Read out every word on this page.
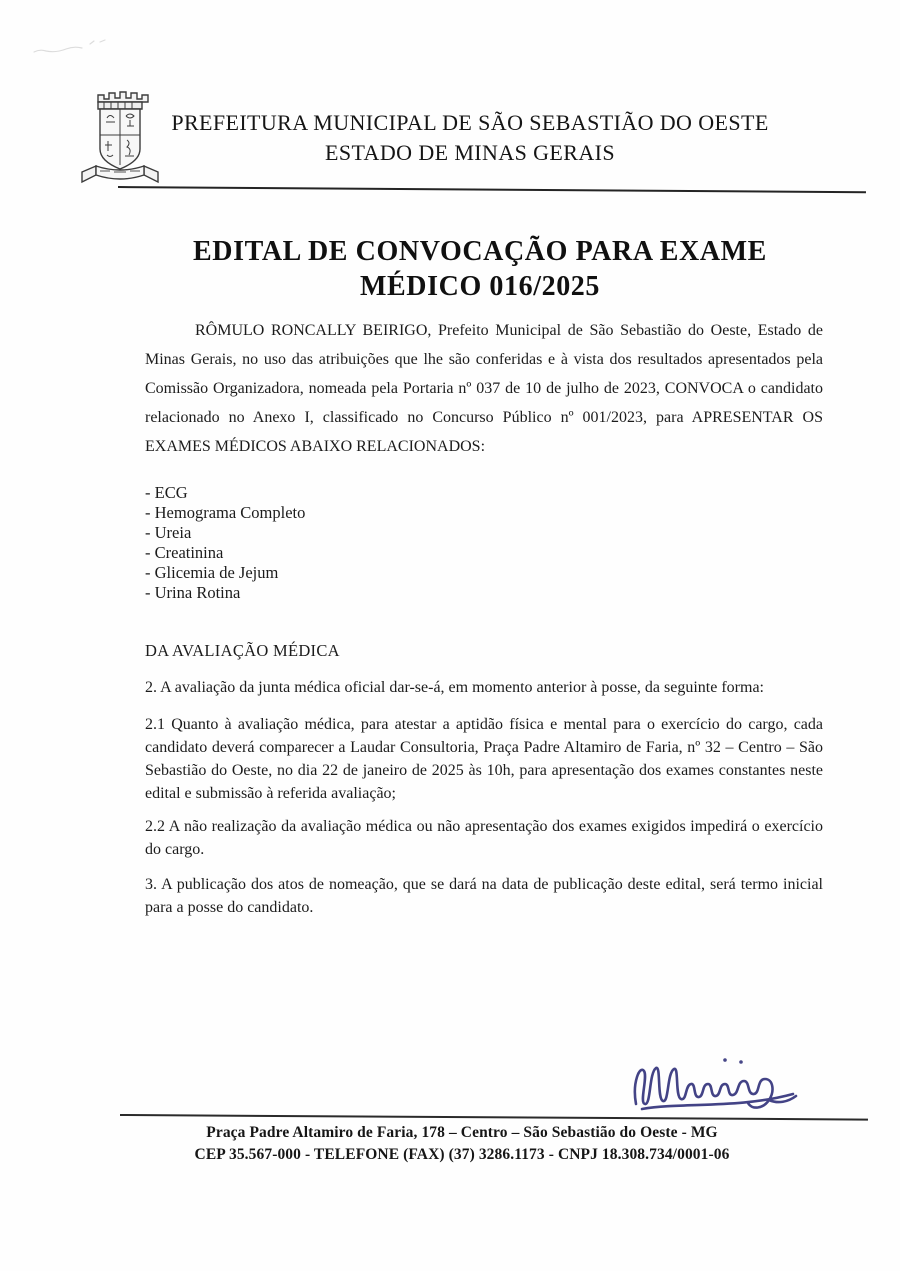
PREFEITURA MUNICIPAL DE SÃO SEBASTIÃO DO OESTE
ESTADO DE MINAS GERAIS
EDITAL DE CONVOCAÇÃO PARA EXAME
MÉDICO 016/2025
RÔMULO RONCALLY BEIRIGO, Prefeito Municipal de São Sebastião do Oeste, Estado de Minas Gerais, no uso das atribuições que lhe são conferidas e à vista dos resultados apresentados pela Comissão Organizadora, nomeada pela Portaria nº 037 de 10 de julho de 2023, CONVOCA o candidato relacionado no Anexo I, classificado no Concurso Público nº 001/2023, para APRESENTAR OS EXAMES MÉDICOS ABAIXO RELACIONADOS:
- ECG
- Hemograma Completo
- Ureia
- Creatinina
- Glicemia de Jejum
- Urina Rotina
DA AVALIAÇÃO MÉDICA
2. A avaliação da junta médica oficial dar-se-á, em momento anterior à posse, da seguinte forma:
2.1 Quanto à avaliação médica, para atestar a aptidão física e mental para o exercício do cargo, cada candidato deverá comparecer a Laudar Consultoria, Praça Padre Altamiro de Faria, nº 32 – Centro – São Sebastião do Oeste, no dia 22 de janeiro de 2025 às 10h, para apresentação dos exames constantes neste edital e submissão à referida avaliação;
2.2 A não realização da avaliação médica ou não apresentação dos exames exigidos impedirá o exercício do cargo.
3. A publicação dos atos de nomeação, que se dará na data de publicação deste edital, será termo inicial para a posse do candidato.
Praça Padre Altamiro de Faria, 178 – Centro – São Sebastião do Oeste - MG
CEP 35.567-000 - TELEFONE (FAX) (37) 3286.1173 - CNPJ 18.308.734/0001-06
